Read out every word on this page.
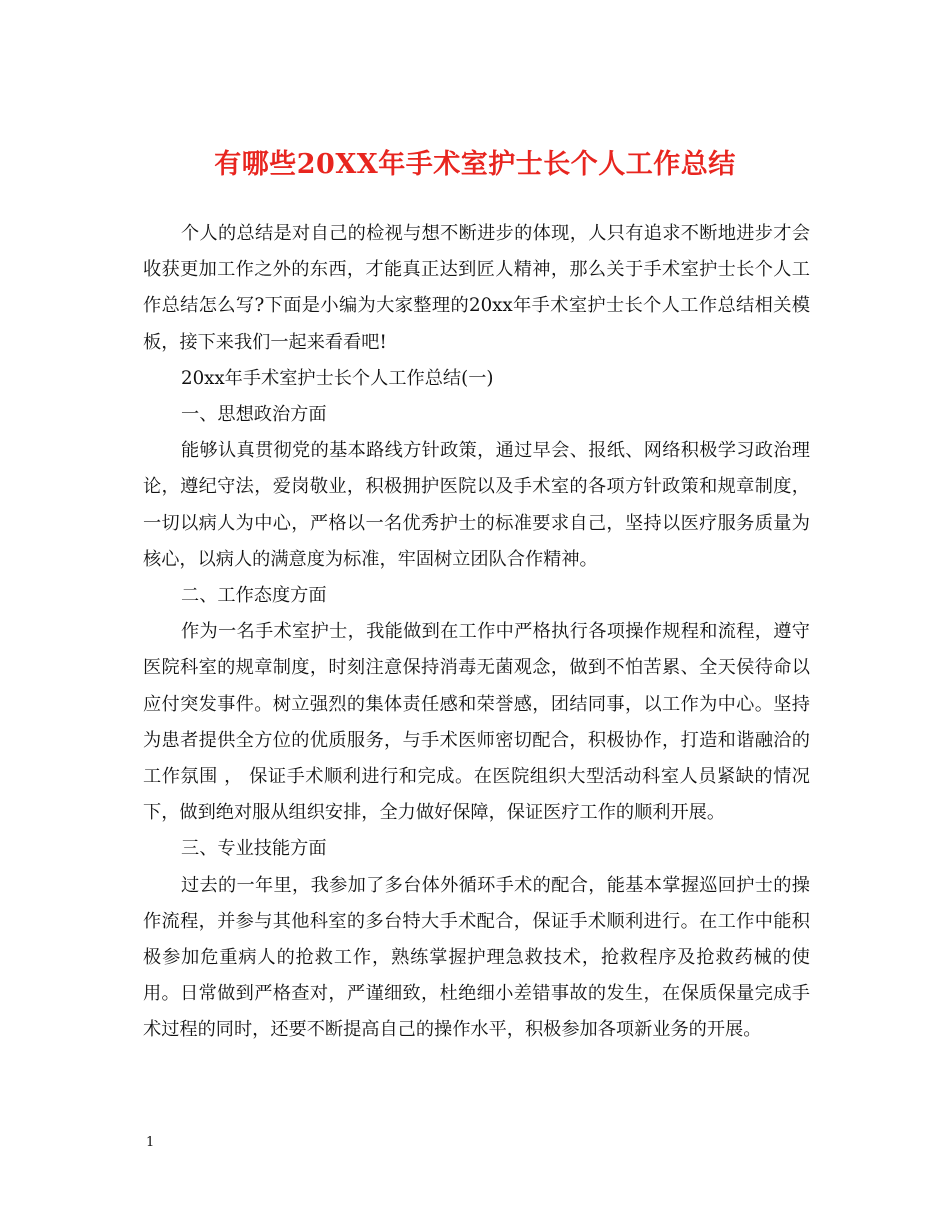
有哪些20XX年手术室护士长个人工作总结

个人的总结是对自己的检视与想不断进步的体现，人只有追求不断地进步才会收获更加工作之外的东西，才能真正达到匠人精神，那么关于手术室护士长个人工作总结怎么写?下面是小编为大家整理的20xx年手术室护士长个人工作总结相关模板，接下来我们一起来看看吧!

20xx年手术室护士长个人工作总结(一)

一、思想政治方面

能够认真贯彻党的基本路线方针政策，通过早会、报纸、网络积极学习政治理论，遵纪守法，爱岗敬业，积极拥护医院以及手术室的各项方针政策和规章制度，一切以病人为中心，严格以一名优秀护士的标准要求自己，坚持以医疗服务质量为核心，以病人的满意度为标准，牢固树立团队合作精神。

二、工作态度方面

作为一名手术室护士，我能做到在工作中严格执行各项操作规程和流程，遵守医院科室的规章制度，时刻注意保持消毒无菌观念，做到不怕苦累、全天侯待命以应付突发事件。树立强烈的集体责任感和荣誉感，团结同事，以工作为中心。坚持为患者提供全方位的优质服务，与手术医师密切配合，积极协作，打造和谐融洽的工作氛围 ， 保证手术顺利进行和完成。在医院组织大型活动科室人员紧缺的情况下，做到绝对服从组织安排，全力做好保障，保证医疗工作的顺利开展。

三、专业技能方面

过去的一年里，我参加了多台体外循环手术的配合，能基本掌握巡回护士的操作流程，并参与其他科室的多台特大手术配合，保证手术顺利进行。在工作中能积极参加危重病人的抢救工作，熟练掌握护理急救技术，抢救程序及抢救药械的使用。日常做到严格查对，严谨细致，杜绝细小差错事故的发生，在保质保量完成手术过程的同时，还要不断提高自己的操作水平，积极参加各项新业务的开展。

1
